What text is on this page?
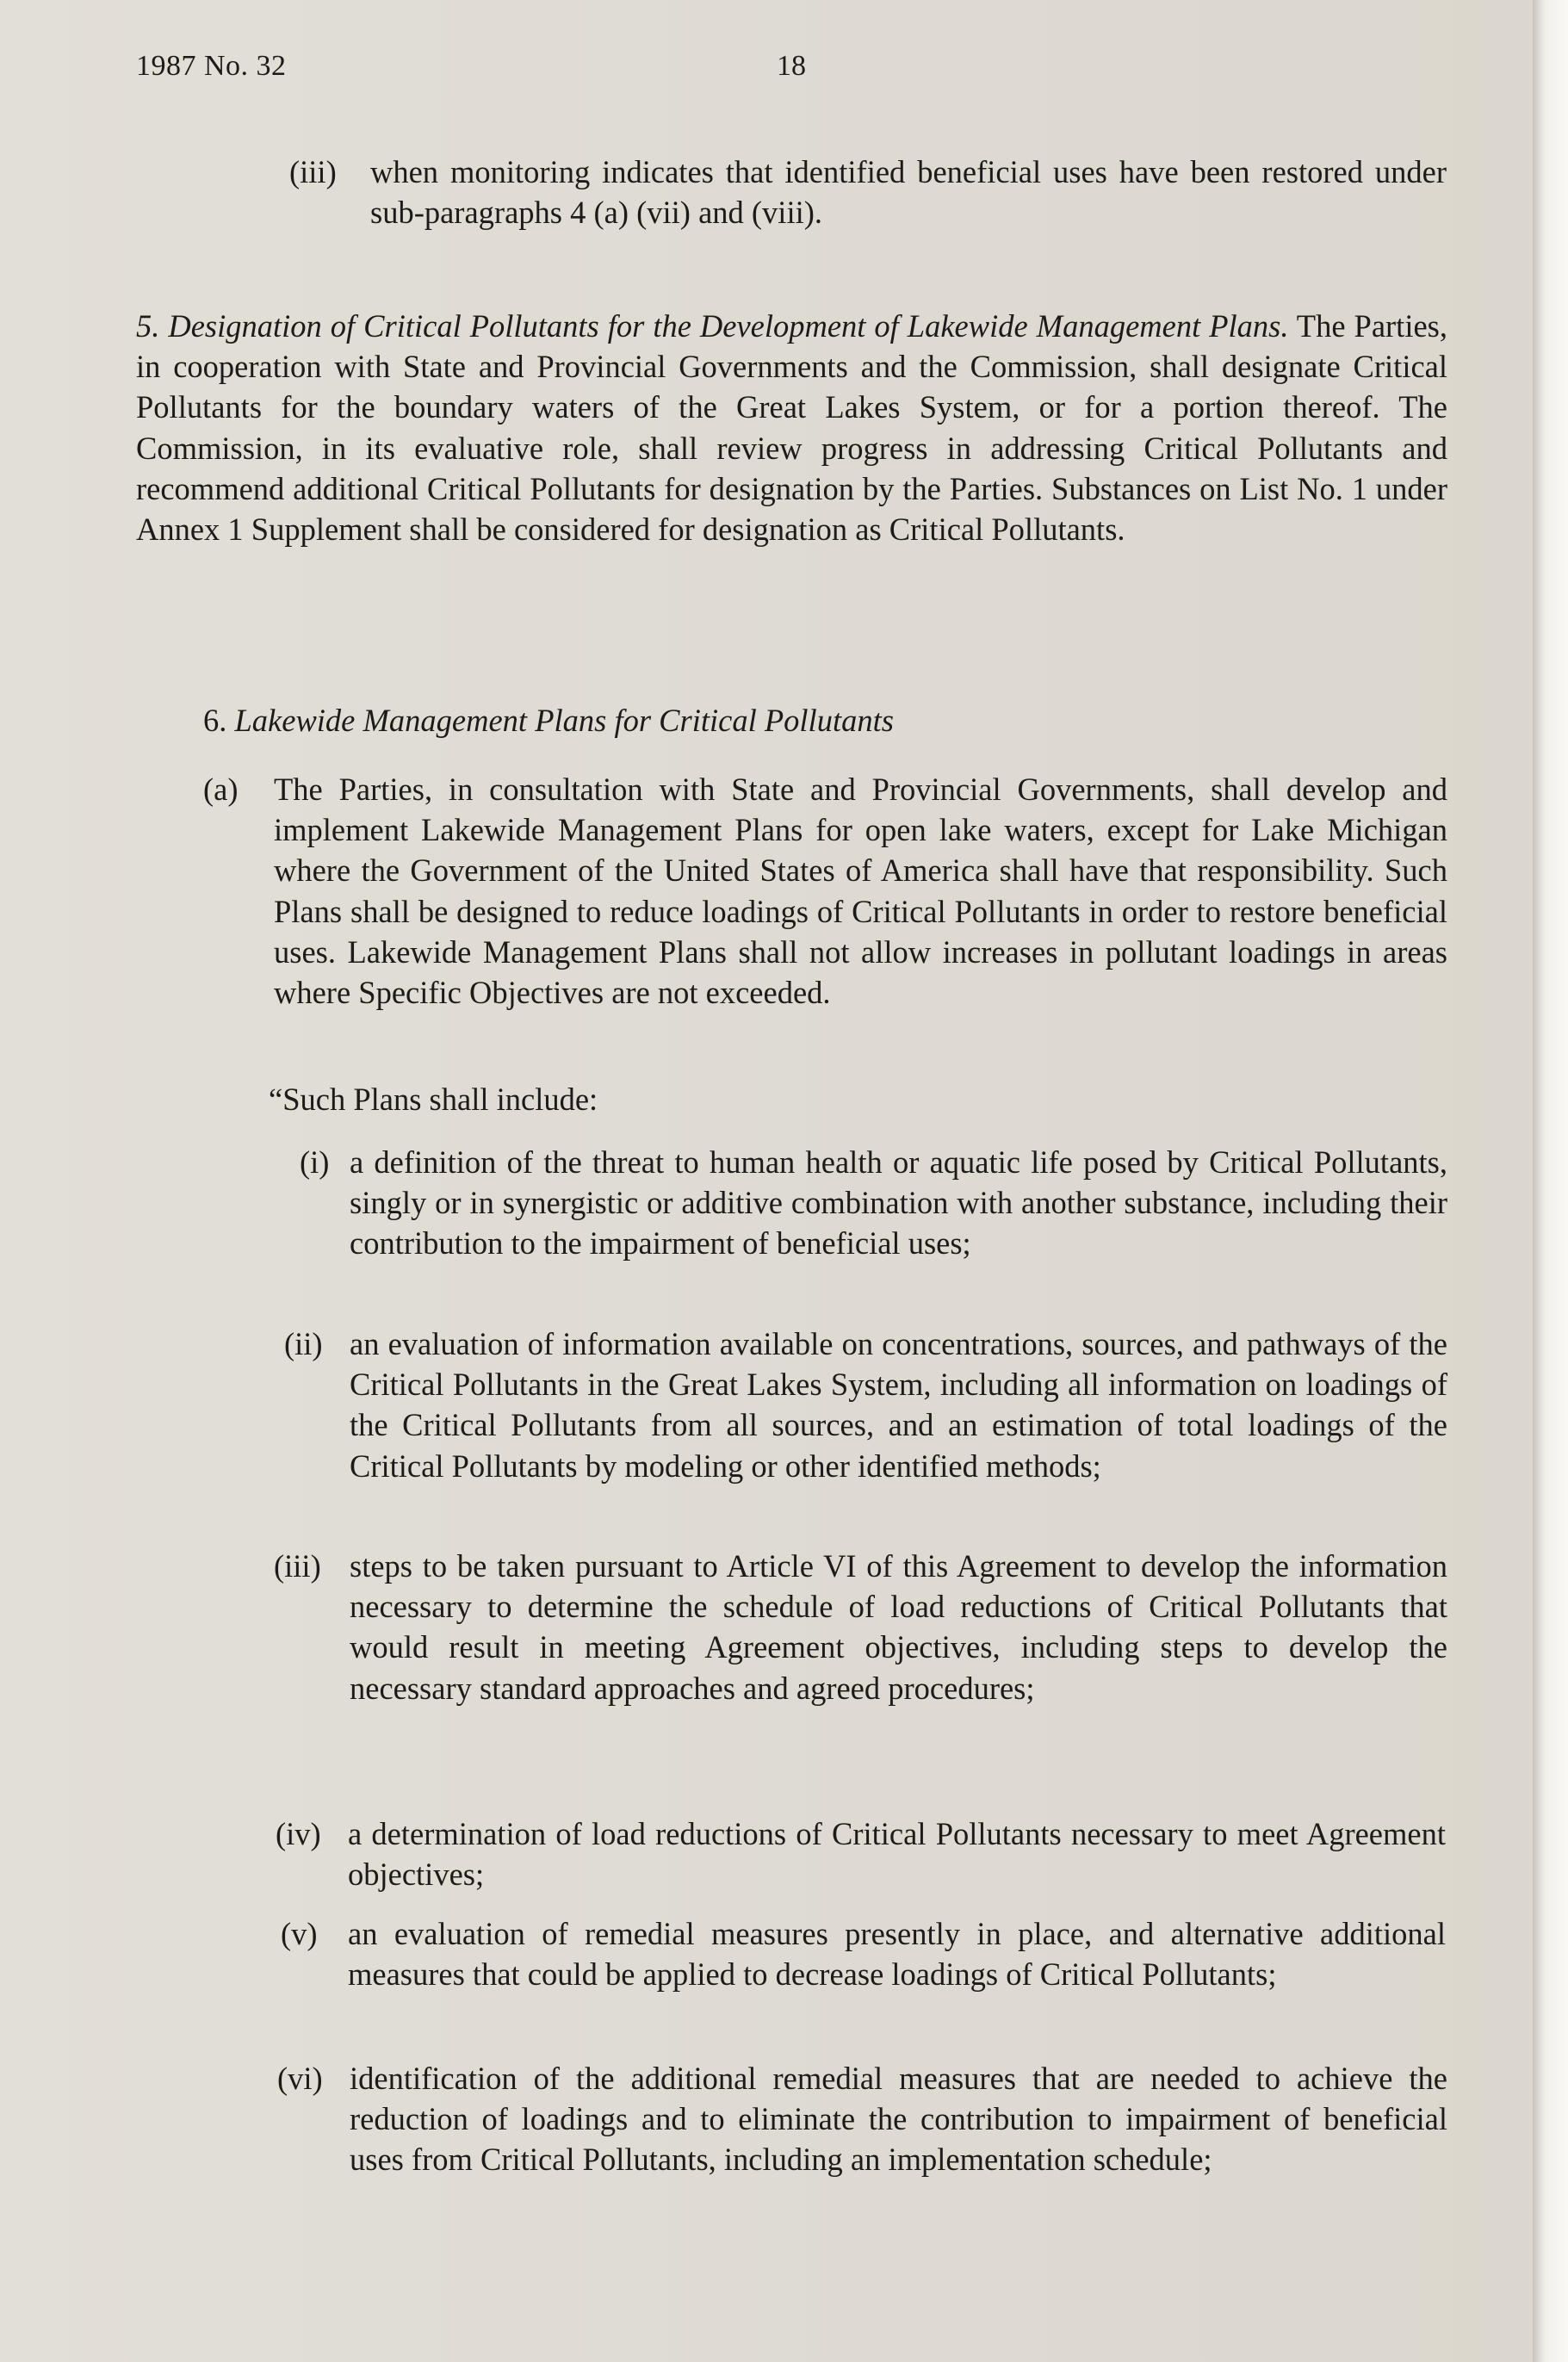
1987 No. 32	18
(iii) when monitoring indicates that identified beneficial uses have been restored under sub-paragraphs 4 (a) (vii) and (viii).

5. Designation of Critical Pollutants for the Development of Lakewide Management Plans. The Parties, in cooperation with State and Provincial Governments and the Commission, shall designate Critical Pollutants for the boundary waters of the Great Lakes System, or for a portion thereof. The Commission, in its evaluative role, shall review progress in addressing Critical Pollutants and recommend additional Critical Pollutants for designation by the Parties. Substances on List No. 1 under Annex 1 Supplement shall be considered for designation as Critical Pollutants.

6. Lakewide Management Plans for Critical Pollutants
(a) The Parties, in consultation with State and Provincial Governments, shall develop and implement Lakewide Management Plans for open lake waters, except for Lake Michigan where the Government of the United States of America shall have that responsibility. Such Plans shall be designed to reduce loadings of Critical Pollutants in order to restore beneficial uses. Lakewide Management Plans shall not allow increases in pollutant loadings in areas where Specific Objectives are not exceeded.
“Such Plans shall include:
(i) a definition of the threat to human health or aquatic life posed by Critical Pollutants, singly or in synergistic or additive combination with another substance, including their contribution to the impairment of beneficial uses;
(ii) an evaluation of information available on concentrations, sources, and pathways of the Critical Pollutants in the Great Lakes System, including all information on loadings of the Critical Pollutants from all sources, and an estimation of total loadings of the Critical Pollutants by modeling or other identified methods;
(iii) steps to be taken pursuant to Article VI of this Agreement to develop the information necessary to determine the schedule of load reductions of Critical Pollutants that would result in meeting Agreement objectives, including steps to develop the necessary standard approaches and agreed procedures;
(iv) a determination of load reductions of Critical Pollutants necessary to meet Agreement objectives;
(v) an evaluation of remedial measures presently in place, and alternative additional measures that could be applied to decrease loadings of Critical Pollutants;
(vi) identification of the additional remedial measures that are needed to achieve the reduction of loadings and to eliminate the contribution to impairment of beneficial uses from Critical Pollutants, including an implementation schedule;
